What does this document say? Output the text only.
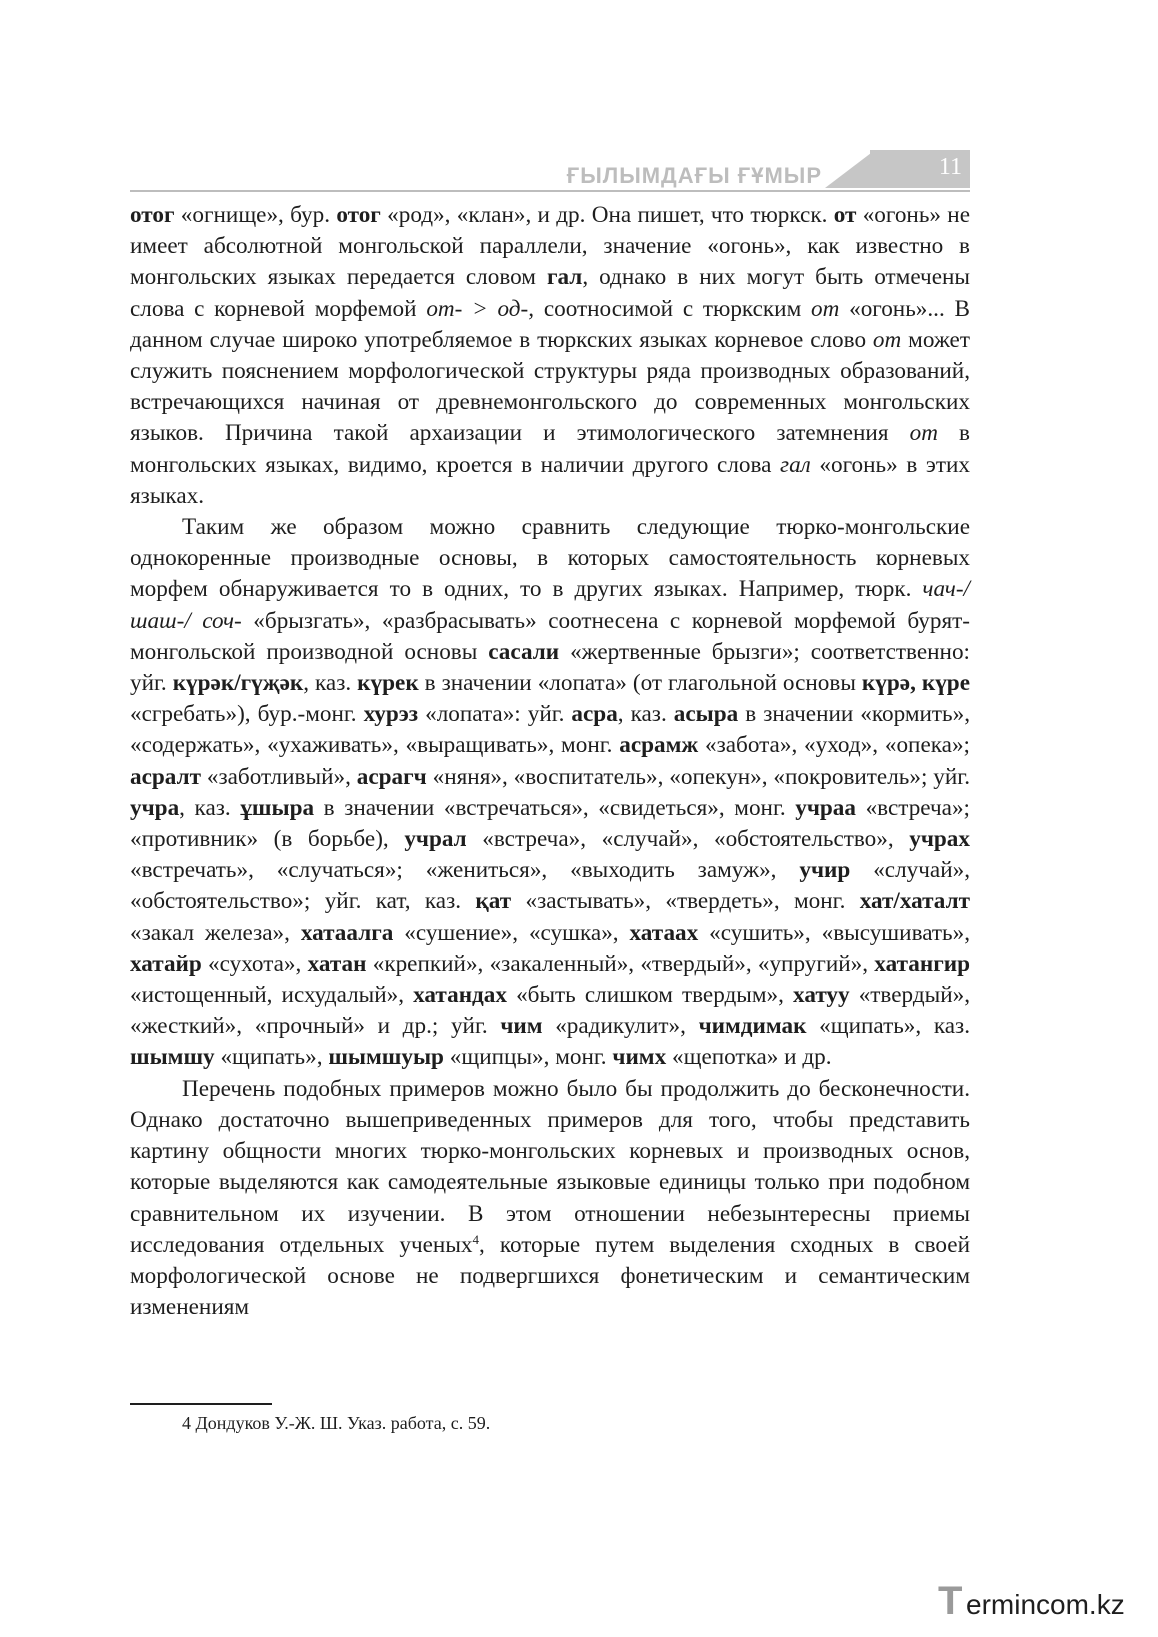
ҒЫЛЫМДАҒЫ ҒҰМЫР	11

отог «огнище», бур. отог «род», «клан», и др. Она пишет, что тюркск. от «огонь» не имеет абсолютной монгольской параллели, значение «огонь», как известно в монгольских языках передается словом гал, однако в них могут быть отмечены слова с корневой морфемой от- > од-, соотносимой с тюркским от «огонь»... В данном случае широко употребляемое в тюркских языках корневое слово от может служить пояснением морфологической структуры ряда производных образований, встречающихся начиная от древнемонгольского до современных монгольских языков. Причина такой архаизации и этимологического затемнения от в монгольских языках, видимо, кроется в наличии другого слова гал «огонь» в этих языках.

Таким же образом можно сравнить следующие тюрко-монгольские однокоренные производные основы, в которых самостоятельность корневых морфем обнаруживается то в одних, то в других языках. Например, тюрк. чач-/ шаш-/ соч- «брызгать», «разбрасывать» соотнесена с корневой морфемой бурят-монгольской производной основы сасали «жертвенные брызги»; соответственно: уйг. күрәк/гүҗәк, каз. күрек в значении «лопата» (от глагольной основы күрә, күре «сгребать»), бур.-монг. хурэз «лопата»: уйг. асра, каз. асыра в значении «кормить», «содержать», «ухаживать», «выращивать», монг. асрамж «забота», «уход», «опека»; асралт «заботливый», асрагч «няня», «воспитатель», «опекун», «покровитель»; уйг. учра, каз. ұшыра в значении «встречаться», «свидеться», монг. учраа «встреча»; «противник» (в борьбе), учрал «встреча», «случай», «обстоятельство», учрах «встречать», «случаться»; «жениться», «выходить замуж», учир «случай», «обстоятельство»; уйг. кат, каз. қат «застывать», «твердеть», монг. хат/хаталт «закал железа», хатаалга «сушение», «сушка», хатаах «сушить», «высушивать», хатайр «сухота», хатан «крепкий», «закаленный», «твердый», «упругий», хатангир «истощенный, исхудалый», хатандах «быть слишком твердым», хатуу «твердый», «жесткий», «прочный» и др.; уйг. чим «радикулит», чимдимак «щипать», каз. шымшу «щипать», шымшуыр «щипцы», монг. чимх «щепотка» и др.

Перечень подобных примеров можно было бы продолжить до бесконечности. Однако достаточно вышеприведенных примеров для того, чтобы представить картину общности многих тюрко-монгольских корневых и производных основ, которые выделяются как самодеятельные языковые единицы только при подобном сравнительном их изучении. В этом отношении небезынтересны приемы исследования отдельных ученых$^4$, которые путем выделения сходных в своей морфологической основе не подвергшихся фонетическим и семантическим изменениям

4 Дондуков У.-Ж. Ш. Указ. работа, с. 59.
T ermincom.kz
